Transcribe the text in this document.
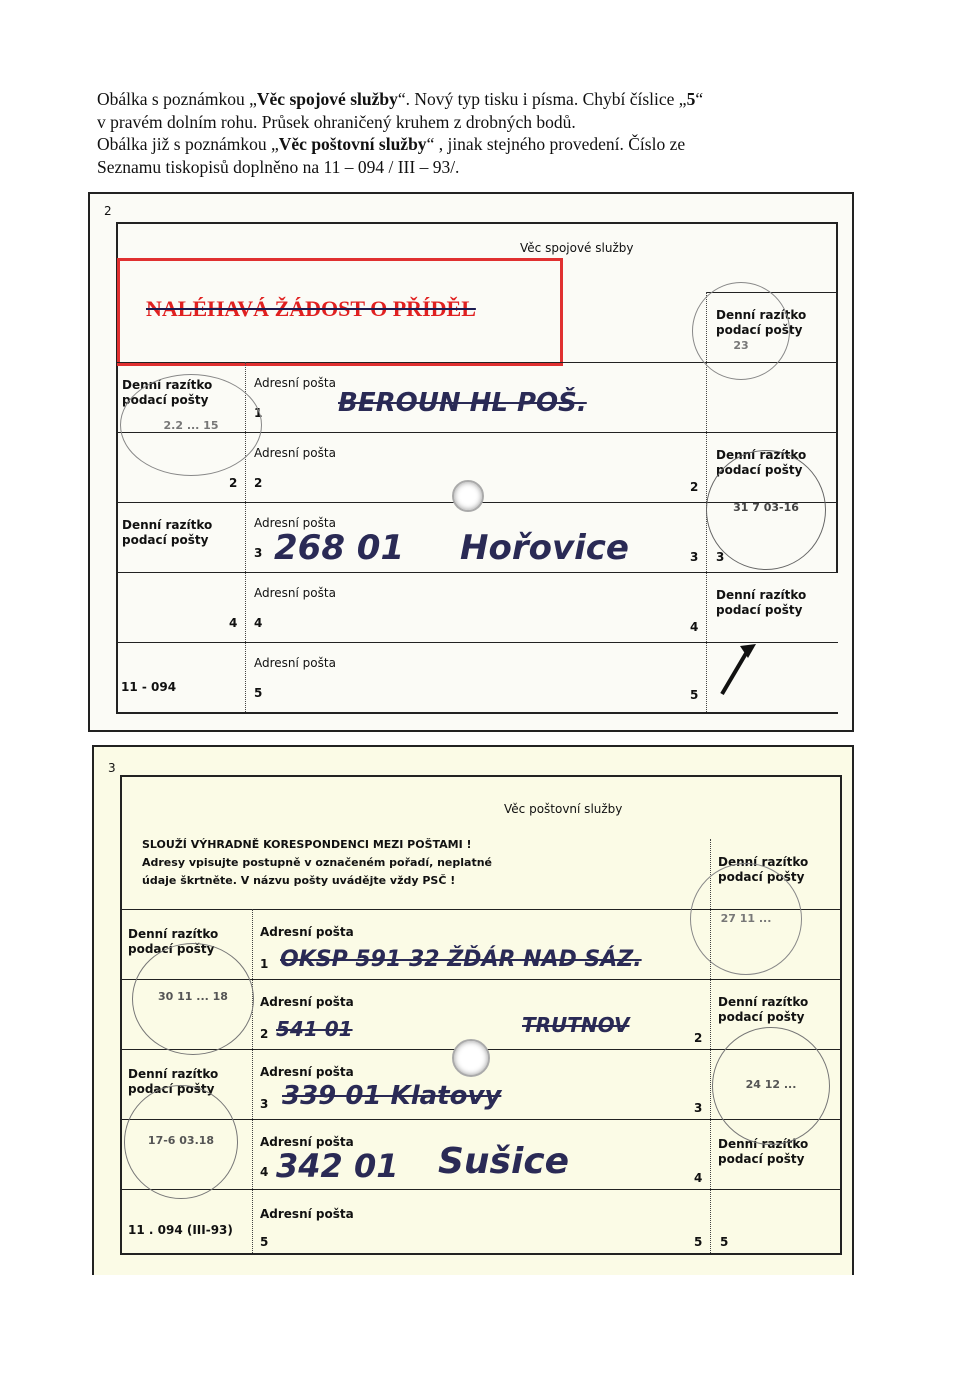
Obálka s poznámkou „Věc spojové služby“. Nový typ tisku i písma. Chybí číslice „5“

v pravém dolním rohu. Průsek ohraničený kruhem z drobných bodů.

Obálka již s poznámkou „Věc poštovní služby“ , jinak stejného provedení. Číslo ze

Seznamu tiskopisů doplněno na 11 – 094 / III – 93/.

2
Věc spojové služby
NALÉHAVÁ ŽÁDOST O PŘÍDĚL
Denní razítko
podací pošty
Denní razítko
podací pošty
2
4
11 - 094
Adresní pošta
1
Adresní pošta
2
Adresní pošta
3
Adresní pošta
4
Adresní pošta
5
2
3
4
5
Denní razítko
podací pošty
Denní razítko
podací pošty
3
Denní razítko
podací pošty
BEROUN HL POŠ.
268 01 Hořovice
2.2 ... 15
23
31 7 03-16
3
Věc poštovní služby
SLOUŽÍ VÝHRADNĚ KORESPONDENCI MEZI POŠTAMI !
Adresy vpisujte postupně v označeném pořadí, neplatné
údaje škrtněte. V názvu pošty uvádějte vždy PSČ !
Denní razítko
podací pošty
Denní razítko
podací pošty
11 . 094 (III-93)
Adresní pošta
1
Adresní pošta
2
Adresní pošta
3
Adresní pošta
4
Adresní pošta
5
2
3
4
5 5
Denní razítko
podací pošty
Denní razítko
podací pošty
Denní razítko
podací pošty
OKSP 591 32 ŽĎÁR NAD SÁZ.
541 01	TRUTNOV
339 01 Klatovy
342 01 Sušice
30 11 ... 18
17-6 03.18
27 11 ...
24 12 ...
